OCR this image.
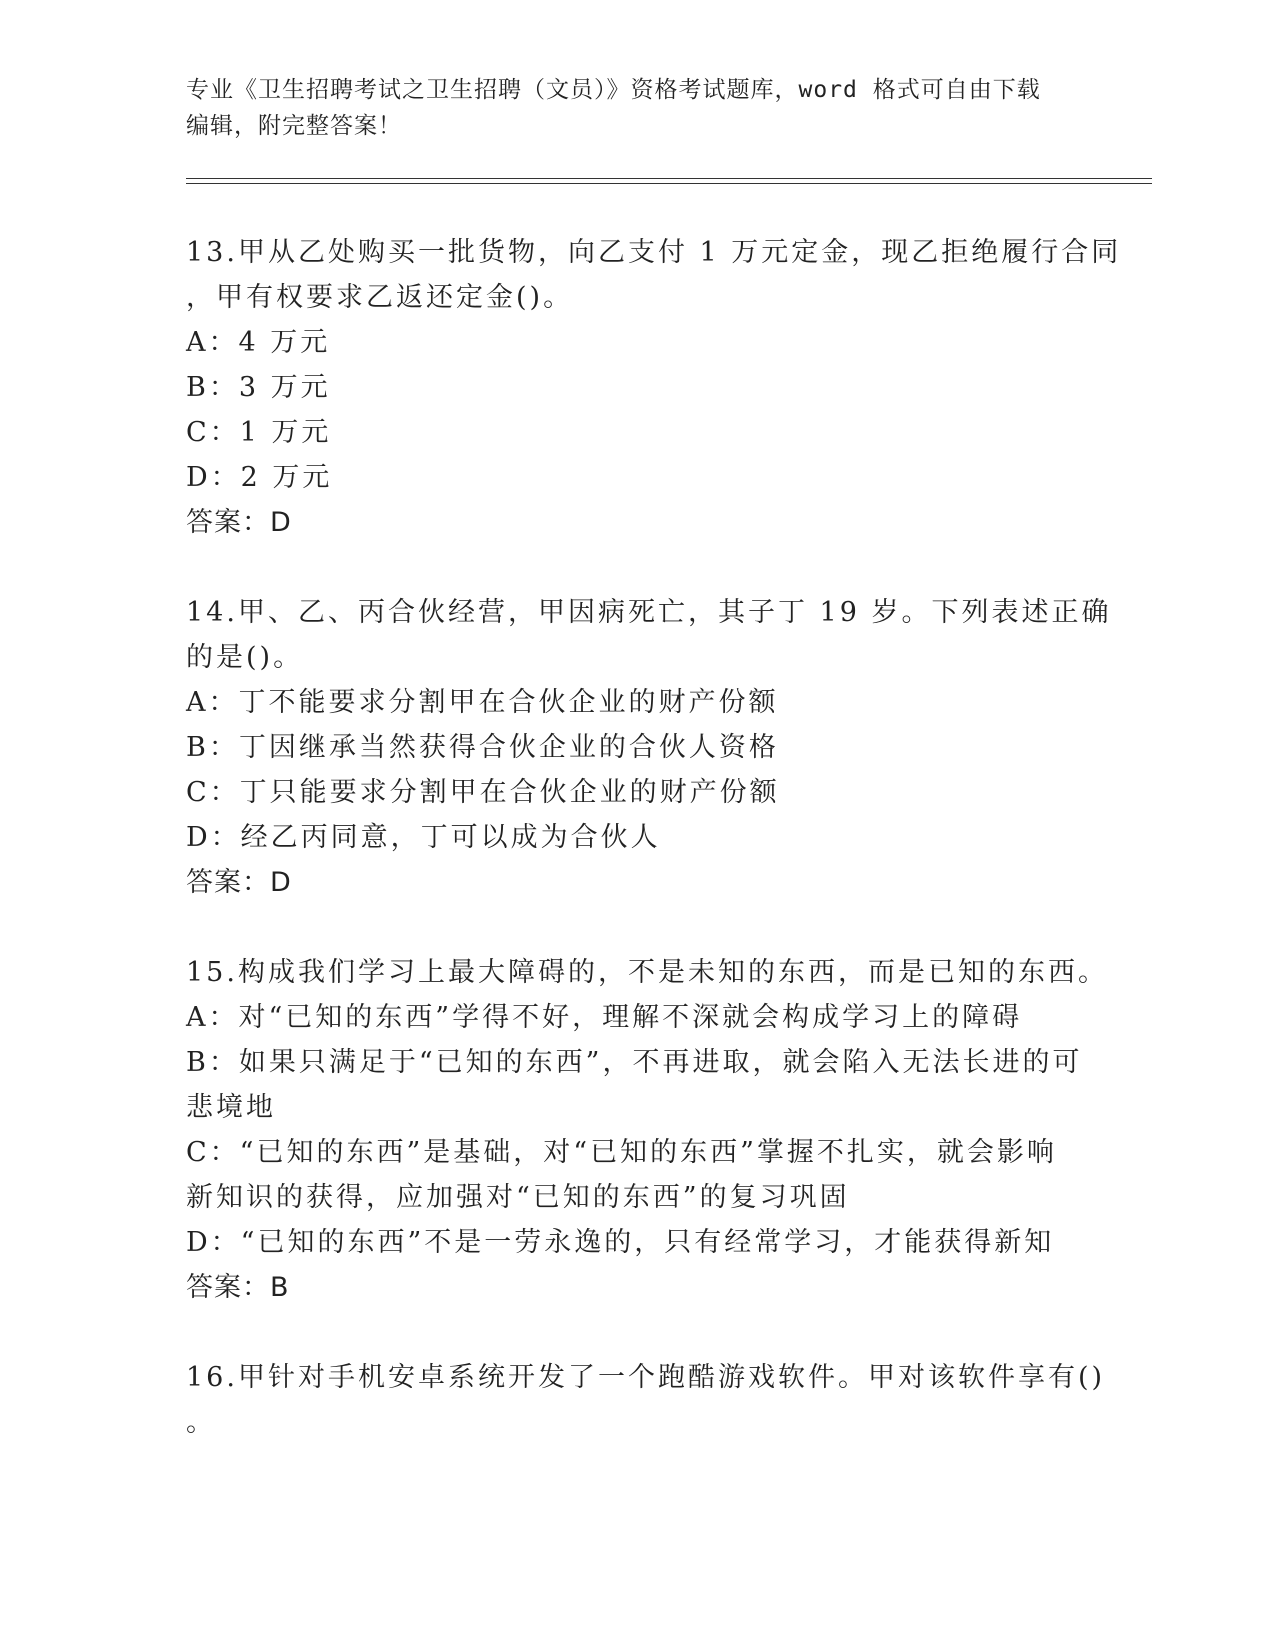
专业《卫生招聘考试之卫生招聘（文员）》资格考试题库，word 格式可自由下载
编辑，附完整答案！
13.甲从乙处购买一批货物，向乙支付 1 万元定金，现乙拒绝履行合同
，甲有权要求乙返还定金()。
A：4 万元
B：3 万元
C：1 万元
D：2 万元
答案：D
14.甲、乙、丙合伙经营，甲因病死亡，其子丁 19 岁。下列表述正确
的是()。
A：丁不能要求分割甲在合伙企业的财产份额
B：丁因继承当然获得合伙企业的合伙人资格
C：丁只能要求分割甲在合伙企业的财产份额
D：经乙丙同意，丁可以成为合伙人
答案：D
15.构成我们学习上最大障碍的，不是未知的东西，而是已知的东西。
A：对“已知的东西”学得不好，理解不深就会构成学习上的障碍
B：如果只满足于“已知的东西”，不再进取，就会陷入无法长进的可
悲境地
C：“已知的东西”是基础，对“已知的东西”掌握不扎实，就会影响
新知识的获得，应加强对“已知的东西”的复习巩固
D：“已知的东西”不是一劳永逸的，只有经常学习，才能获得新知
答案：B
16.甲针对手机安卓系统开发了一个跑酷游戏软件。甲对该软件享有()
。
